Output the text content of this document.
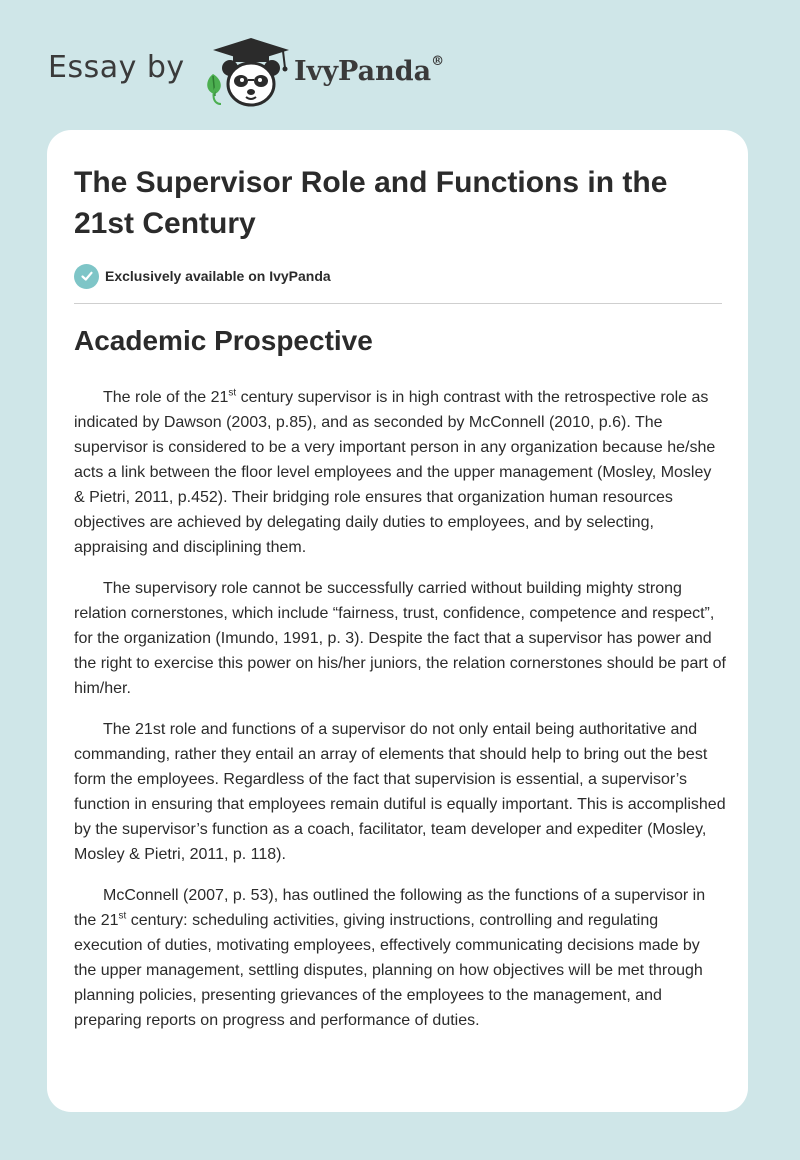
Essay by	IvyPanda®
The Supervisor Role and Functions in the 21st Century
Exclusively available on IvyPanda
Academic Prospective

The role of the 21st century supervisor is in high contrast with the retrospective role as indicated by Dawson (2003, p.85), and as seconded by McConnell (2010, p.6). The supervisor is considered to be a very important person in any organization because he/she acts a link between the floor level employees and the upper management (Mosley, Mosley & Pietri, 2011, p.452). Their bridging role ensures that organization human resources objectives are achieved by delegating daily duties to employees, and by selecting, appraising and disciplining them.

The supervisory role cannot be successfully carried without building mighty strong relation cornerstones, which include “fairness, trust, confidence, competence and respect”, for the organization (Imundo, 1991, p. 3). Despite the fact that a supervisor has power and the right to exercise this power on his/her juniors, the relation cornerstones should be part of him/her.

The 21st role and functions of a supervisor do not only entail being authoritative and commanding, rather they entail an array of elements that should help to bring out the best form the employees. Regardless of the fact that supervision is essential, a supervisor’s function in ensuring that employees remain dutiful is equally important. This is accomplished by the supervisor’s function as a coach, facilitator, team developer and expediter (Mosley, Mosley & Pietri, 2011, p. 118).

McConnell (2007, p. 53), has outlined the following as the functions of a supervisor in the 21st century: scheduling activities, giving instructions, controlling and regulating execution of duties, motivating employees, effectively communicating decisions made by the upper management, settling disputes, planning on how objectives will be met through planning policies, presenting grievances of the employees to the management, and preparing reports on progress and performance of duties.
